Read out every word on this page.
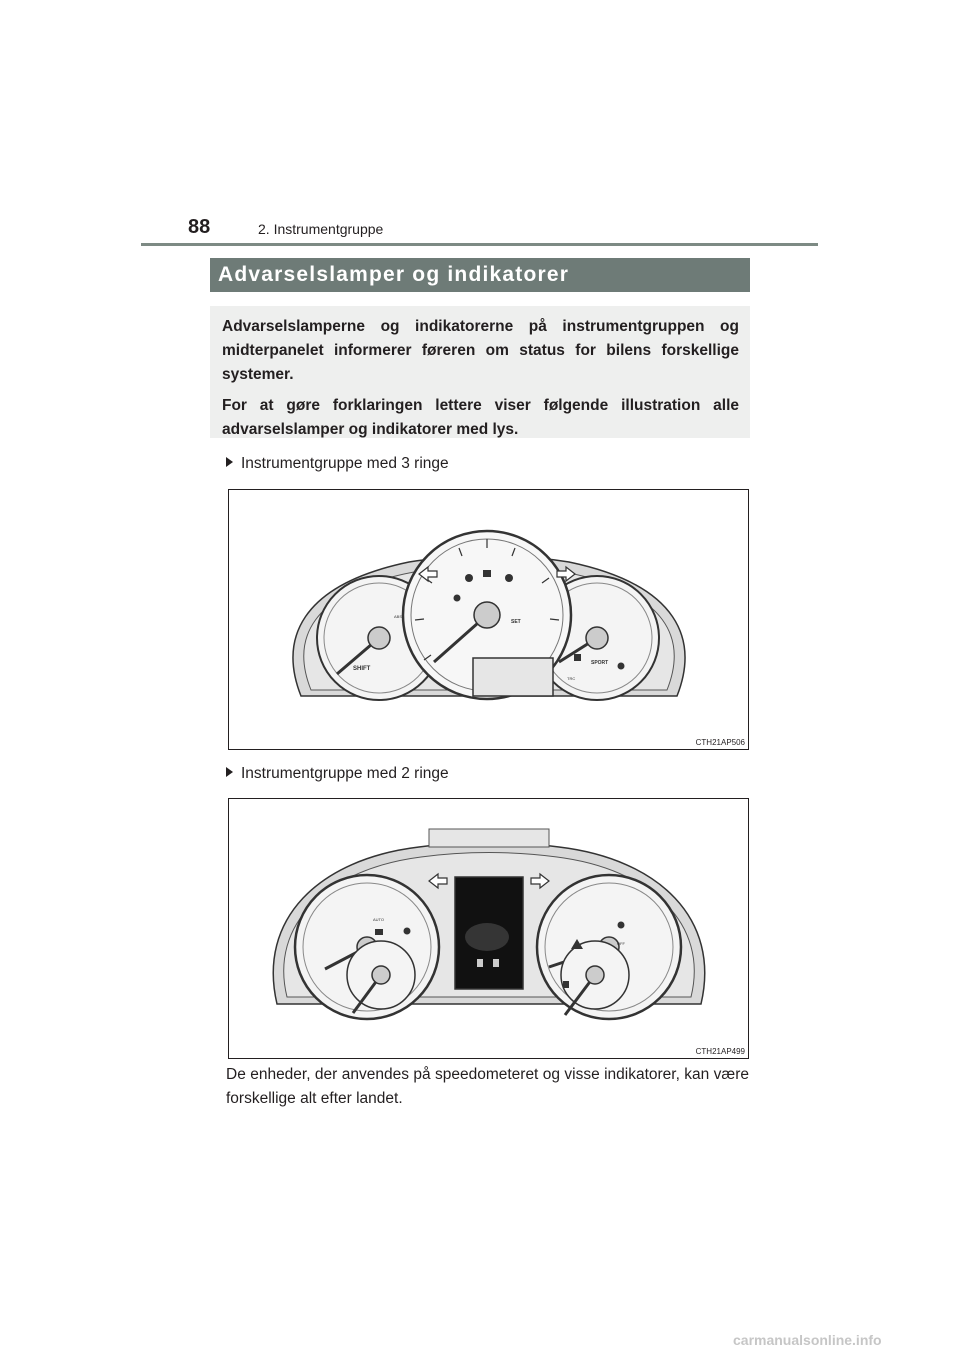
88	2. Instrumentgruppe
Advarselslamper og indikatorer

Advarselslamperne og indikatorerne på instrumentgruppen og midterpanelet informerer føreren om status for bilens forskellige systemer.

For at gøre forklaringen lettere viser følgende illustration alle advarselslamper og indikatorer med lys.

Instrumentgruppe med 3 ringe
SHIFT
SET
SPORT
ABS
TRC
CTH21AP506
Instrumentgruppe med 2 ringe
AUTO
OFF
CTH21AP499
De enheder, der anvendes på speedometeret og visse indikatorer, kan være forskellige alt efter landet.
carmanualsonline.info
